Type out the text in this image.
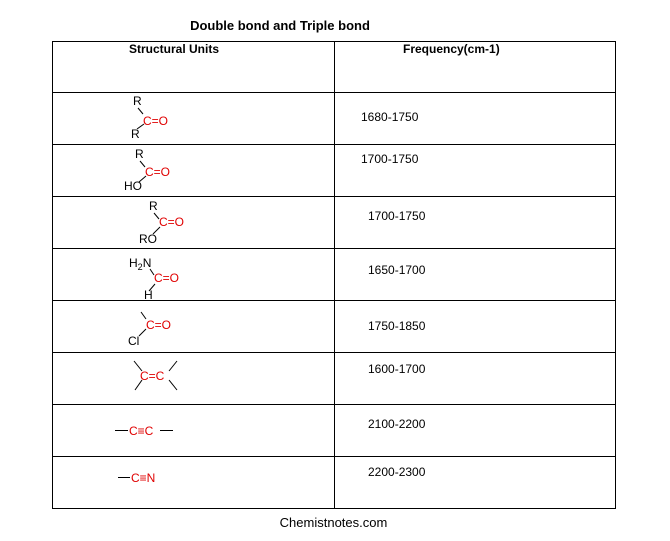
Double bond and Triple bond
Structural Units	Frequency(cm-1)

R
C=O
R	1680-1750

R
C=O
HO	1700-1750

R
C=O
RO	1700-1750

$H_2N$
C=O
H	1650-1700

C=O
Cl	1750-1850

C=C	1600-1700

C≡C	2100-2200

C≡N	2200-2300
Chemistnotes.com
